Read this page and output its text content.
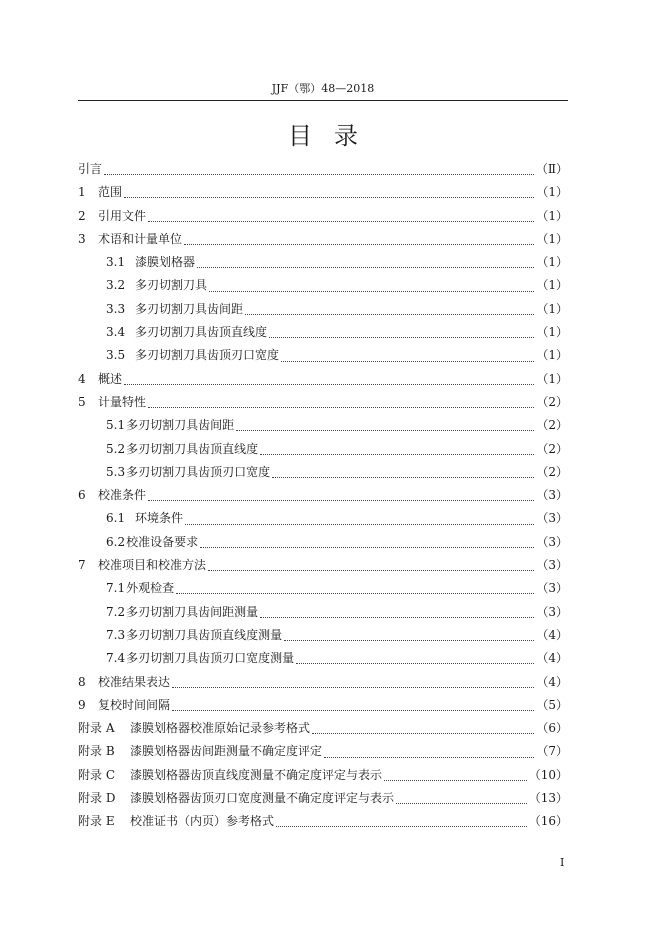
JJF（鄂）48—2018
目录
引言	（Ⅱ）
1	范围	（1）
2	引用文件	（1）
3	术语和计量单位	（1）
3.1 漆膜划格器	（1）
3.2 多刃切割刀具	（1）
3.3 多刃切割刀具齿间距	（1）
3.4 多刃切割刀具齿顶直线度	（1）
3.5 多刃切割刀具齿顶刃口宽度	（1）
4	概述	（1）
5	计量特性	（2）
5.1 多刃切割刀具齿间距	（2）
5.2 多刃切割刀具齿顶直线度	（2）
5.3 多刃切割刀具齿顶刃口宽度	（2）
6	校准条件	（3）
6.1 环境条件	（3）
6.2 校准设备要求	（3）
7	校准项目和校准方法	（3）
7.1 外观检查	（3）
7.2 多刃切割刀具齿间距测量	（3）
7.3 多刃切割刀具齿顶直线度测量	（4）
7.4 多刃切割刀具齿顶刃口宽度测量	（4）
8	校准结果表达	（4）
9	复校时间间隔	（5）
附录 A	漆膜划格器校准原始记录参考格式	（6）
附录 B	漆膜划格器齿间距测量不确定度评定	（7）
附录 C	漆膜划格器齿顶直线度测量不确定度评定与表示	（10）
附录 D	漆膜划格器齿顶刃口宽度测量不确定度评定与表示	（13）
附录 E	校准证书（内页）参考格式	（16）
I
